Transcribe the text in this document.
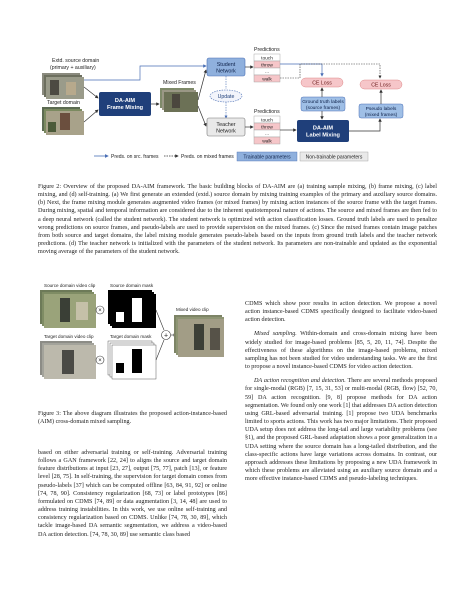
Extd. source domain
(primary + auxiliary)
Target domain	DA-AIM
Frame Mixing
Mixed Frames
Student
Network
Update
Teacher
Network
Predictions
touch
throw
...
walk
Predictions
touch
throw
...
walk
CE Loss	CE Loss
Ground truth labels
(source frames)
DA-AIM
Label Mixing
Pseudo labels
(mixed frames)
Preds. on src. frames	Preds. on mixed frames Trainable parameters	Non-trainable parameters
Figure 2: Overview of the proposed DA-AIM framework. The basic building blocks of DA-AIM are (a) training sample mixing, (b) frame mixing, (c) label mixing, and (d) self-training. (a) We first generate an extended (extd.) source domain by mixing training examples of the primary and auxiliary source domains. (b) Next, the frame mixing module generates augmented video frames (or mixed frames) by mixing action instances of the source frame with the target frames. During mixing, spatial and temporal information are considered due to the inherent spatiotemporal nature of actions. The source and mixed frames are then fed to a deep neural network (called the student network). The student network is optimized with action classification losses. Ground truth labels are used to penalize wrong predictions on source frames, and pseudo-labels are used to provide supervision on the mixed frames. (c) Since the mixed frames contain image patches from both source and target domains, the label mixing module generates pseudo-labels based on the inputs from ground truth labels and the teacher network predictions. (d) The teacher network is initialized with the parameters of the student network. Its parameters are non-trainable and updated as the exponential moving average of the parameters of the student network.
Source domain video clip	Source domain mask
Target domain video clip	Target domain mask
Mixed video clip
×
×
+
Figure 3: The above diagram illustrates the proposed action-instance-based (AIM) cross-domain mixed sampling.

based on either adversarial training or self-training. Adversarial training follows a GAN framework [22, 24] to aligns the source and target domain feature distributions at input [23, 27], output [75, 77], patch [13], or feature level [28, 75]. In self-training, the supervision for target domain comes from pseudo-labels [37] which can be computed offline [63, 84, 91, 92] or online [74, 78, 90]. Consistency regularization [68, 73] or label prototypes [86] formulated on CDMS [74, 89] or data augmentation [3, 14, 48] are used to address training instabilities. In this work, we use online self-training and consistency regularization based on CDMS. Unlike [74, 78, 30, 89], which tackle image-based DA semantic segmentation, we address a video-based DA action detection. [74, 78, 30, 89] use semantic class based

CDMS which show poor results in action detection. We propose a novel action instance-based CDMS specifically designed to facilitate video-based action detection.

Mixed sampling. Within-domain and cross-domain mixing have been widely studied for image-based problems [85, 5, 20, 11, 74]. Despite the effectiveness of these algorithms on the image-based problems, mixed sampling has not been studied for video understanding tasks. We are the first to propose a novel instance-based CDMS for video action detection.

DA action recognition and detection. There are several methods proposed for single-modal (RGB) [7, 15, 31, 53] or multi-modal (RGB, flow) [52, 70, 59] DA action recognition. [9, 8] propose methods for DA action segmentation. We found only one work [1] that addresses DA action detection using GRL-based adversarial training. [1] propose two UDA benchmarks limited to sports actions. This work has two major limitations. Their proposed UDA setup does not address the long-tail and large variability problems (see §1), and the proposed GRL-based adaptation shows a poor generalization in a UDA setting where the source domain has a long-tailed distribution, and the class-specific actions have large variations across domains. In contrast, our approach addresses these limitations by proposing a new UDA framework in which these problems are alleviated using an auxiliary source domain and a more effective instance-based CDMS and pseudo-labeling techniques.
